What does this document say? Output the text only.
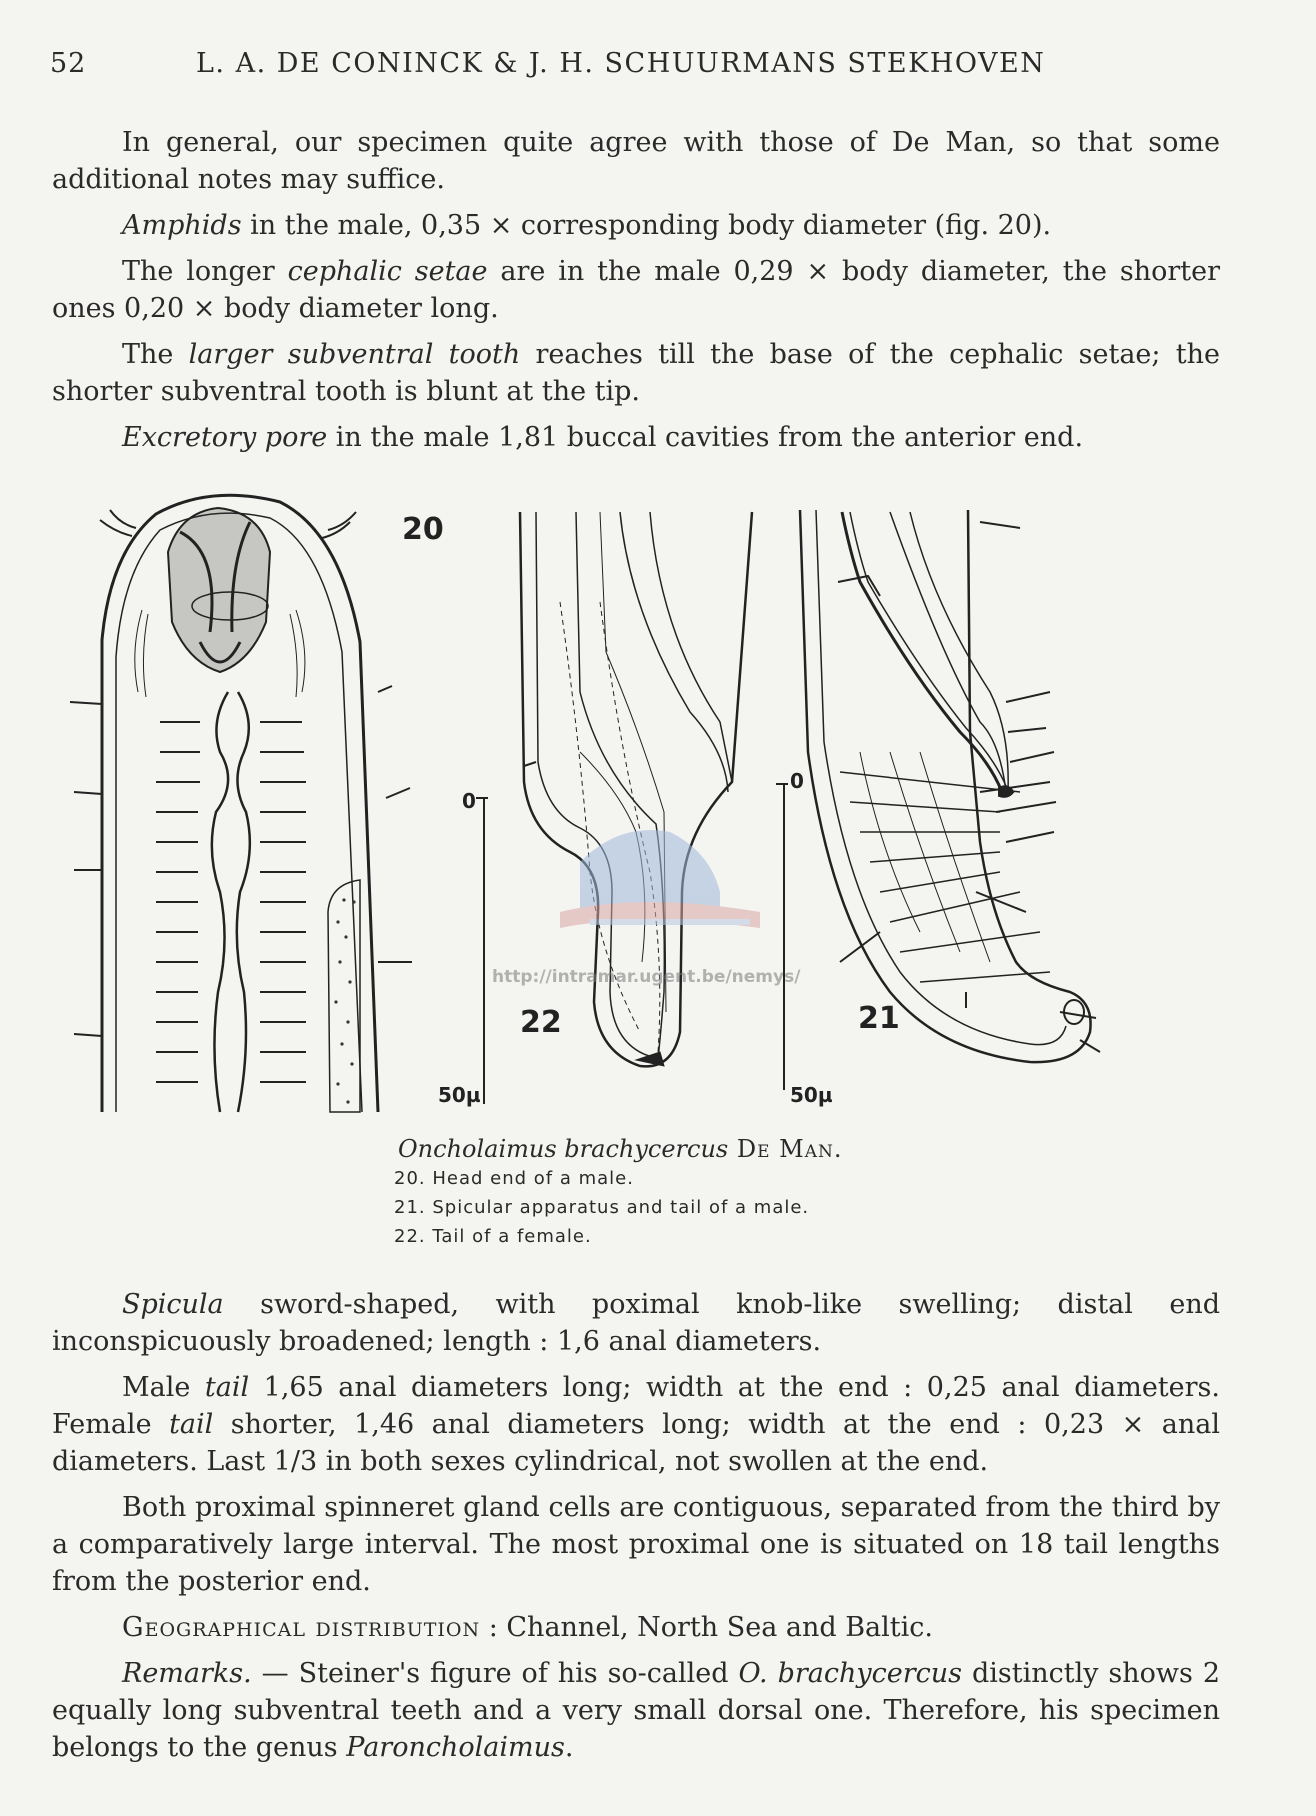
52	L. A. DE CONINCK & J. H. SCHUURMANS STEKHOVEN

In general, our specimen quite agree with those of De Man, so that some additional notes may suffice.

Amphids in the male, 0,35 × corresponding body diameter (fig. 20).

The longer cephalic setae are in the male 0,29 × body diameter, the shorter ones 0,20 × body diameter long.

The larger subventral tooth reaches till the base of the cephalic setae; the shorter subventral tooth is blunt at the tip.

Excretory pore in the male 1,81 buccal cavities from the anterior end.

20
0
50µ
22
http://intramar.ugent.be/nemys/
0
50µ
21
Oncholaimus brachycercus De Man.
20. Head end of a male.
21. Spicular apparatus and tail of a male.
22. Tail of a female.

Spicula sword-shaped, with poximal knob-like swelling; distal end inconspicuously broadened; length : 1,6 anal diameters.

Male tail 1,65 anal diameters long; width at the end : 0,25 anal diameters. Female tail shorter, 1,46 anal diameters long; width at the end : 0,23 × anal diameters. Last 1/3 in both sexes cylindrical, not swollen at the end.

Both proximal spinneret gland cells are contiguous, separated from the third by a comparatively large interval. The most proximal one is situated on 18 tail lengths from the posterior end.

Geographical distribution : Channel, North Sea and Baltic.

Remarks. — Steiner's figure of his so-called O. brachycercus distinctly shows 2 equally long subventral teeth and a very small dorsal one. Therefore, his specimen belongs to the genus Paroncholaimus.
